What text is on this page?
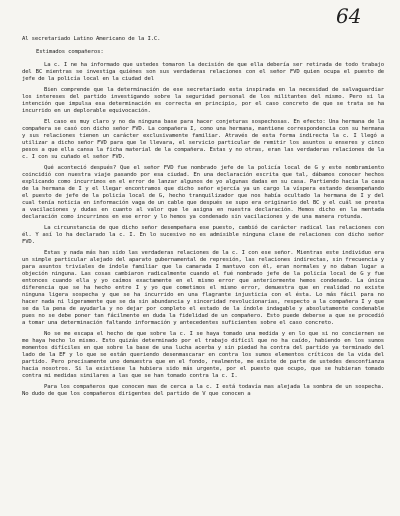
64

Al secretariado Latino Americano de la I.C.

Estimados compañeros:

La c. I ne ha informado que ustedes tomaron la decisión de que ella debería ser retirada de todo trabajo del BC mientras se investiga quiénes son sus verdaderas relaciones con el señor FVD quien ocupa el puesto de jefe de la policía local en la ciudad del

Bien comprende que la determinación de ese secretariado esta inspirada en la necesidad de salvaguardiar los intereses del partido investigando sobre la seguridad personal de los militantes del mismo. Pero si la intención que impulsa esa determinación es correcta en principio, por el caso concreto de que se trata se ha incurrido en un deplorable equivocación.

El caso es muy claro y no da ninguna base para hacer conjeturas sospechosas. En efecto: Una hermana de la compañera se casó con dicho señor FVD. La compañera I, como una hermana, mantiene correspondencia con su hermana y sus relaciones tienen un carácter exclusivamente familiar. Através de esta forma indirecta la c. I llegó a utilizar a dicho señor FVD para que le llevara, el servicio particular de remitir los asuntos u enseres y cinco pesos a que ella cansa la ficha material de la compañera. Estas y no otras, eran las verdaderas relaciones de la c. I con su cuñado el señor FVD.

Qué aconteció después? Que el señor FVD fue nombrado jefe de la policía local de G y este nombramiento coincidió con nuestra viaje pasando por esa ciudad. En una declaración escrita que tal, dábamos conocer hechos explicando como incurrimos en el error de lanzar algunos de yo algunas dadas en su casa. Partiendo hacia la casa de la hermana de I y el llegar encontramos que dicho señor ejercía ya un cargo la víspera estando desempeñando el puesto de jefe de la policía local de G, hecho tranquilizador que nos había ocultado la hermana de I y del cual tenía noticia en información vaga de un cable que después se supo era originario del BC y el cuál se presta a vacilaciones y dudas en cuanto al valor que le asigna en nuestra declaración. Hemos dicho en la mentada declaración como incurrimos en ese error y lo hemos ya condenado sin vacilaciones y de una manera rotunda.

La circunstancia de que dicho señor desempeñara ese puesto, cambió de carácter radical las relaciones con él. Y así lo ha declarado la c. I. En lo sucesivo no es admisible ninguna clase de relaciones con dicho señor FVD.

Estas y nada más han sido las verdaderas relaciones de la c. I con ese señor. Mientras este individuo era un simple particular alejado del aparato gubernamental de represión, las relaciones indirectas, sin frecuencia y para asuntos triviales de índole familiar que la camarada I mantuvo con él, eran normales y no daban lugar a objeción ninguna. Las cosas cambiaron radicalmente cuando el fué nombrado jefe de la policía local de G y fue entonces cuando ella y yo caímos exactamente en el mismo error que anteriormente hemos condenado. La única diferencia que se ha hecho entre I y yo que cometimos el mismo error, demuestra que en realidad no existe ninguna ligera sospecha y que se ha incurrido en una flagrante injusticia con el ésta. Lo más fácil para no hacer nada ni ligeramente que se da sin abundancia y sinceridad revolucionarias, respecto a la compañera I y que se da la pena de ayudarla y no dejar por completo el estado de la índole indagable y absolutamente condenable pues no se debe poner tan fácilmente en duda la fidelidad de un compañero. Esto puede deberse a que se procedió a tomar una determinación faltando información y antecedentes suficientes sobre el caso concreto.

No se me escapa el hecho de que sobre la c. I se haya tomado una medida y en lo que si no conciernen se me haya hecho lo mismo. Esto quizás determinado por el trabajo difícil que no ha caído, habiendo en los sumos momentos difíciles en que sobre la base de una lucha acerba y sin piedad ha contra del partido ya terminado del lado de la EF y lo que se están queriendo desenmascarar en contra los sumos elementos críticos de la vida del partido. Pero precisamente uno demuestra que en el fondo, realmente, me existe de parte de ustedes desconfianza hacia nosotros. Si la existiese la hubiera sido más urgente, por el puesto que ocupo, que se hubieran tomado contra mi medidas similares a las que se han tomado contra la c. I.

Para los compañeros que conocen mas de cerca a la c. I está todavía mas alejada la sombra de un sospecha. No dudo de que los compañeros dirigentes del partido de V que conocen a
